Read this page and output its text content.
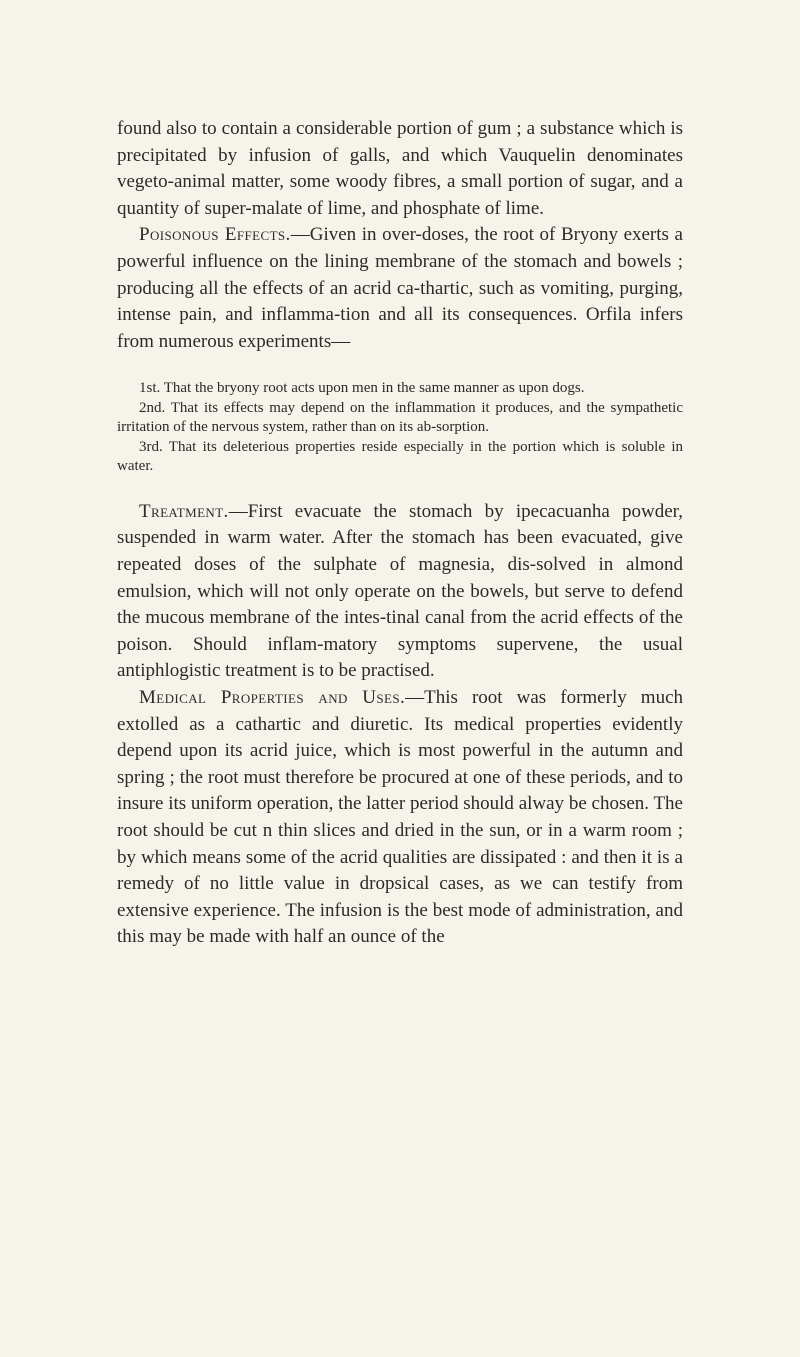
found also to contain a considerable portion of gum ; a substance which is precipitated by infusion of galls, and which Vauquelin denominates vegeto-animal matter, some woody fibres, a small portion of sugar, and a quantity of super-malate of lime, and phosphate of lime.

Poisonous Effects.—Given in over-doses, the root of Bryony exerts a powerful influence on the lining membrane of the stomach and bowels ; producing all the effects of an acrid ca-thartic, such as vomiting, purging, intense pain, and inflamma-tion and all its consequences. Orfila infers from numerous experiments—

1st. That the bryony root acts upon men in the same manner as upon dogs.

2nd. That its effects may depend on the inflammation it produces, and the sympathetic irritation of the nervous system, rather than on its ab-sorption.

3rd. That its deleterious properties reside especially in the portion which is soluble in water.

Treatment.—First evacuate the stomach by ipecacuanha powder, suspended in warm water. After the stomach has been evacuated, give repeated doses of the sulphate of magnesia, dis-solved in almond emulsion, which will not only operate on the bowels, but serve to defend the mucous membrane of the intes-tinal canal from the acrid effects of the poison. Should inflam-matory symptoms supervene, the usual antiphlogistic treatment is to be practised.

Medical Properties and Uses.—This root was formerly much extolled as a cathartic and diuretic. Its medical properties evidently depend upon its acrid juice, which is most powerful in the autumn and spring ; the root must therefore be procured at one of these periods, and to insure its uniform operation, the latter period should alway be chosen. The root should be cut n thin slices and dried in the sun, or in a warm room ; by which means some of the acrid qualities are dissipated : and then it is a remedy of no little value in dropsical cases, as we can testify from extensive experience. The infusion is the best mode of administration, and this may be made with half an ounce of the
